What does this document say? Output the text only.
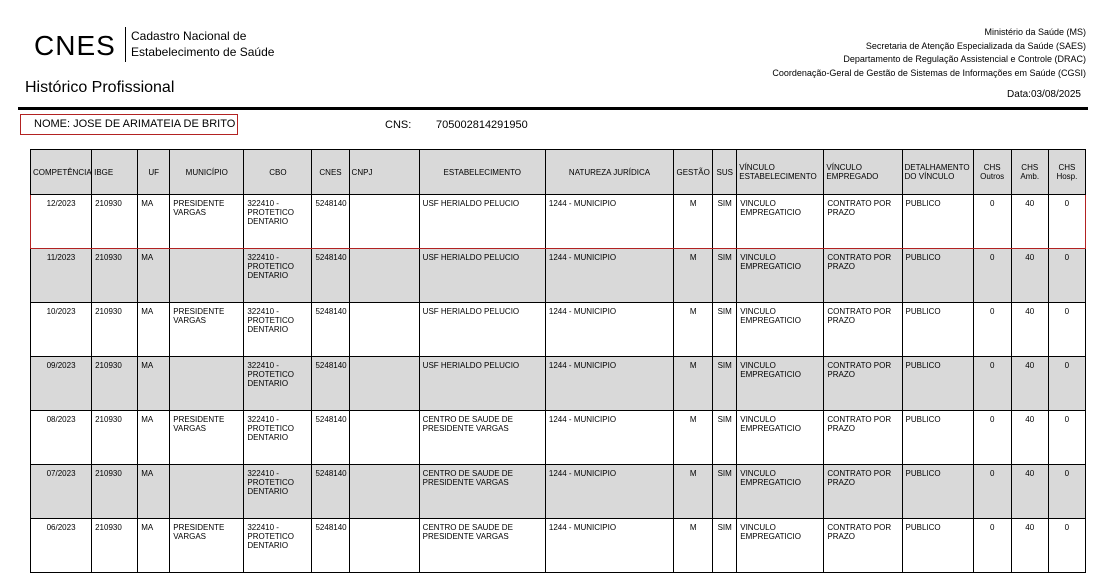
CNES Cadastro Nacional de
Estabelecimento de Saúde
Histórico Profissional
Ministério da Saúde (MS)
Secretaria de Atenção Especializada da Saúde (SAES)
Departamento de Regulação Assistencial e Controle (DRAC)
Coordenação-Geral de Gestão de Sistemas de Informações em Saúde (CGSI)
Data:03/08/2025
NOME: JOSE DE ARIMATEIA DE BRITO	CNS: 705002814291950
COMPETÊNCIA	IBGE	UF	MUNICÍPIO	CBO	CNES	CNPJ	ESTABELECIMENTO	NATUREZA JURÍDICA	GESTÃO	SUS	VÍNCULO ESTABELECIMENTO	VÍNCULO EMPREGADO	DETALHAMENTO DO VÍNCULO	CHS Outros	CHS Amb.	CHS Hosp.
12/2023	210930	MA	PRESIDENTE VARGAS	322410 - PROTETICO DENTARIO	5248140		USF HERIALDO PELUCIO	1244 - MUNICIPIO	M	SIM	VINCULO EMPREGATICIO	CONTRATO POR PRAZO	PUBLICO	0	40	0
11/2023	210930	MA		322410 - PROTETICO DENTARIO	5248140		USF HERIALDO PELUCIO	1244 - MUNICIPIO	M	SIM	VINCULO EMPREGATICIO	CONTRATO POR PRAZO	PUBLICO	0	40	0
10/2023	210930	MA	PRESIDENTE VARGAS	322410 - PROTETICO DENTARIO	5248140		USF HERIALDO PELUCIO	1244 - MUNICIPIO	M	SIM	VINCULO EMPREGATICIO	CONTRATO POR PRAZO	PUBLICO	0	40	0
09/2023	210930	MA		322410 - PROTETICO DENTARIO	5248140		USF HERIALDO PELUCIO	1244 - MUNICIPIO	M	SIM	VINCULO EMPREGATICIO	CONTRATO POR PRAZO	PUBLICO	0	40	0
08/2023	210930	MA	PRESIDENTE VARGAS	322410 - PROTETICO DENTARIO	5248140		CENTRO DE SAUDE DE PRESIDENTE VARGAS	1244 - MUNICIPIO	M	SIM	VINCULO EMPREGATICIO	CONTRATO POR PRAZO	PUBLICO	0	40	0
07/2023	210930	MA		322410 - PROTETICO DENTARIO	5248140		CENTRO DE SAUDE DE PRESIDENTE VARGAS	1244 - MUNICIPIO	M	SIM	VINCULO EMPREGATICIO	CONTRATO POR PRAZO	PUBLICO	0	40	0
06/2023	210930	MA	PRESIDENTE VARGAS	322410 - PROTETICO DENTARIO	5248140		CENTRO DE SAUDE DE PRESIDENTE VARGAS	1244 - MUNICIPIO	M	SIM	VINCULO EMPREGATICIO	CONTRATO POR PRAZO	PUBLICO	0	40	0
